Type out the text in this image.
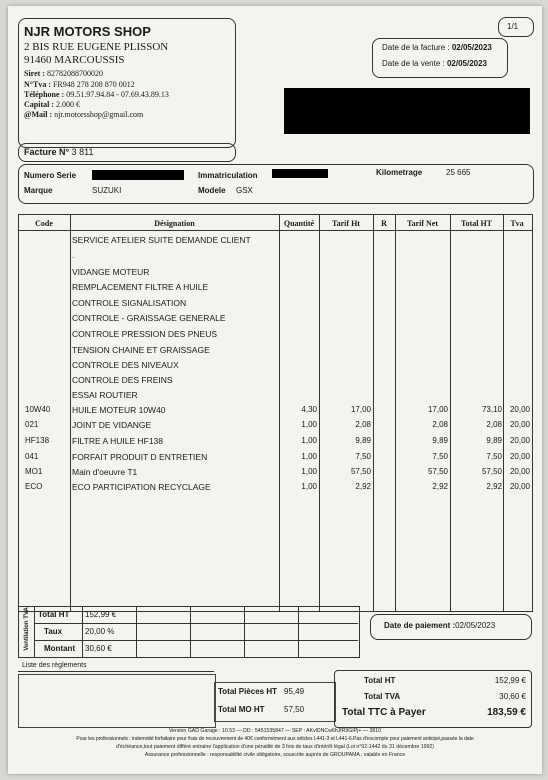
NJR MOTORS SHOP
2 BIS RUE EUGENE PLISSON
91460 MARCOUSSIS
Siret : 82782088700020
N°Tva : FR948 278 208 870 0012
Téléphone : 09.51.97.94.84 - 07.69.43.89.13
Capital : 2.000 €
@Mail : njr.motorsshop@gmail.com
1/1
Date de la facture : 02/05/2023
Date de la vente : 02/05/2023
Facture N° 3 811
Numero Serie	Immatriculation	Kilometrage	25 665
Marque	SUZUKI	Modele GSX
Code	Désignation	Quantité	Tarif Ht	R	Tarif Net	Total HT	Tva
SERVICE ATELIER SUITE DEMANDE CLIENT
.
VIDANGE MOTEUR
REMPLACEMENT FILTRE A HUILE
CONTROLE SIGNALISATION
CONTROLE - GRAISSAGE GENERALE
CONTROLE PRESSION DES PNEUS
TENSION CHAINE ET GRAISSAGE
CONTROLE DES NIVEAUX
CONTROLE DES FREINS
ESSAI ROUTIER
10W40	HUILE MOTEUR 10W40	4,30	17,00	17,00	73,10 20,00
021	JOINT DE VIDANGE	1,00	2,08	2,08	2,08 20,00
HF138	FILTRE A HUILE HF138	1,00	9,89	9,89	9,89 20,00
041	FORFAIT PRODUIT D ENTRETIEN	1,00	7,50	7,50	7,50 20,00
MO1	Main d'oeuvre T1	1,00	57,50	57,50	57,50 20,00
ECO	ECO PARTICIPATION RECYCLAGE	1,00	2,92	2,92	2,92 20,00
Ventilation TVA Total HT 152,99 €
Taux	20,00 %
Montant 30,60 €
Date de paiement :02/05/2023
Liste des règlements
Total Pièces HT 95,49
Total MO HT 57,50
Total HT	152,99 €
Total TVA	30,60 €
Total TTC à Payer	183,59 €
Version GAD Garage : 10.53 — DD : 5451535847 — SEP : AKvlDNCw6hJfR9GIPj+ — 3810
Pour les professionnels : indemnité forfaitaire pour frais de recouvrement de 40€ conformément aux articles L441-3 et L441-6.Pas d'escompte pour paiement anticipé,passée la date
d'échéance,tout paiement différé entraine l'application d'une pénalité de 3 fois de taux d'intérêt légal (Loi n°92-1442 du 31 décembre 1992)
Assurance professionnelle : responsabilité civile obligatoire, souscrite auprès de GROUPAMA , valable en France
